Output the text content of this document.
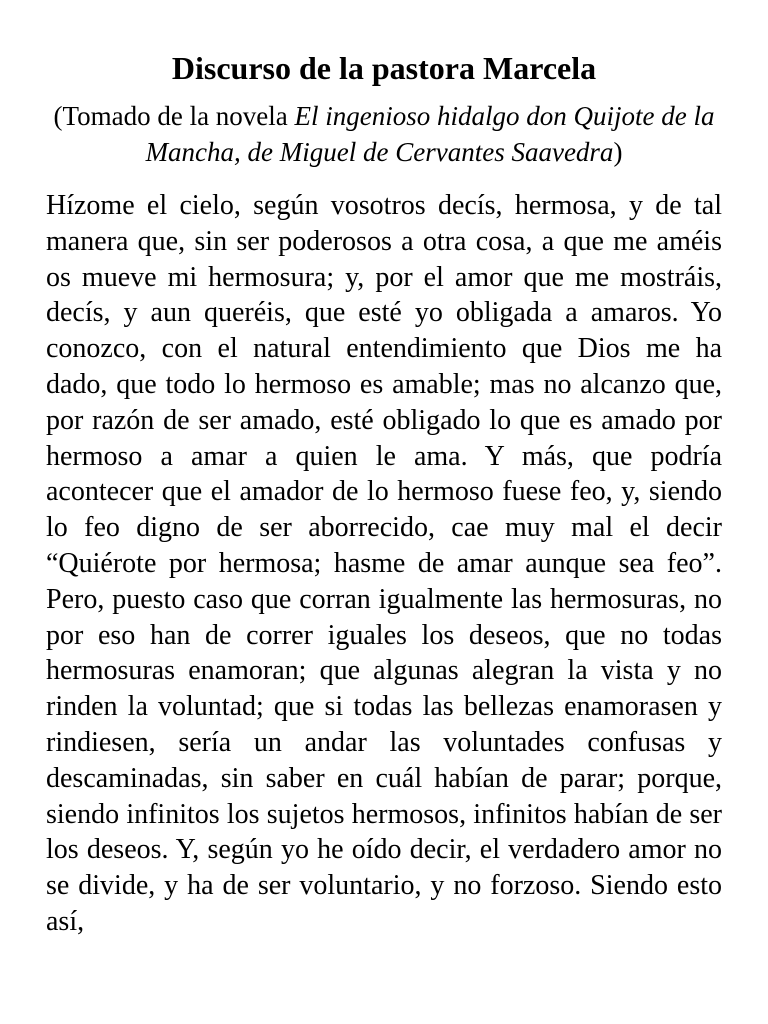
Discurso de la pastora Marcela

(Tomado de la novela El ingenioso hidalgo don Quijote de la Mancha, de Miguel de Cervantes Saavedra)

Hízome el cielo, según vosotros decís, hermosa, y de tal manera que, sin ser poderosos a otra cosa, a que me améis os mueve mi hermosura; y, por el amor que me mostráis, decís, y aun queréis, que esté yo obligada a amaros. Yo conozco, con el natural entendimiento que Dios me ha dado, que todo lo hermoso es amable; mas no alcanzo que, por razón de ser amado, esté obligado lo que es amado por hermoso a amar a quien le ama. Y más, que podría acontecer que el amador de lo hermoso fuese feo, y, siendo lo feo digno de ser aborrecido, cae muy mal el decir “Quiérote por hermosa; hasme de amar aunque sea feo”. Pero, puesto caso que corran igualmente las hermosuras, no por eso han de correr iguales los deseos, que no todas hermosuras enamoran; que algunas alegran la vista y no rinden la voluntad; que si todas las bellezas enamorasen y rindiesen, sería un andar las voluntades confusas y descaminadas, sin saber en cuál habían de parar; porque, siendo infinitos los sujetos hermosos, infinitos habían de ser los deseos. Y, según yo he oído decir, el verdadero amor no se divide, y ha de ser voluntario, y no forzoso. Siendo esto así,
